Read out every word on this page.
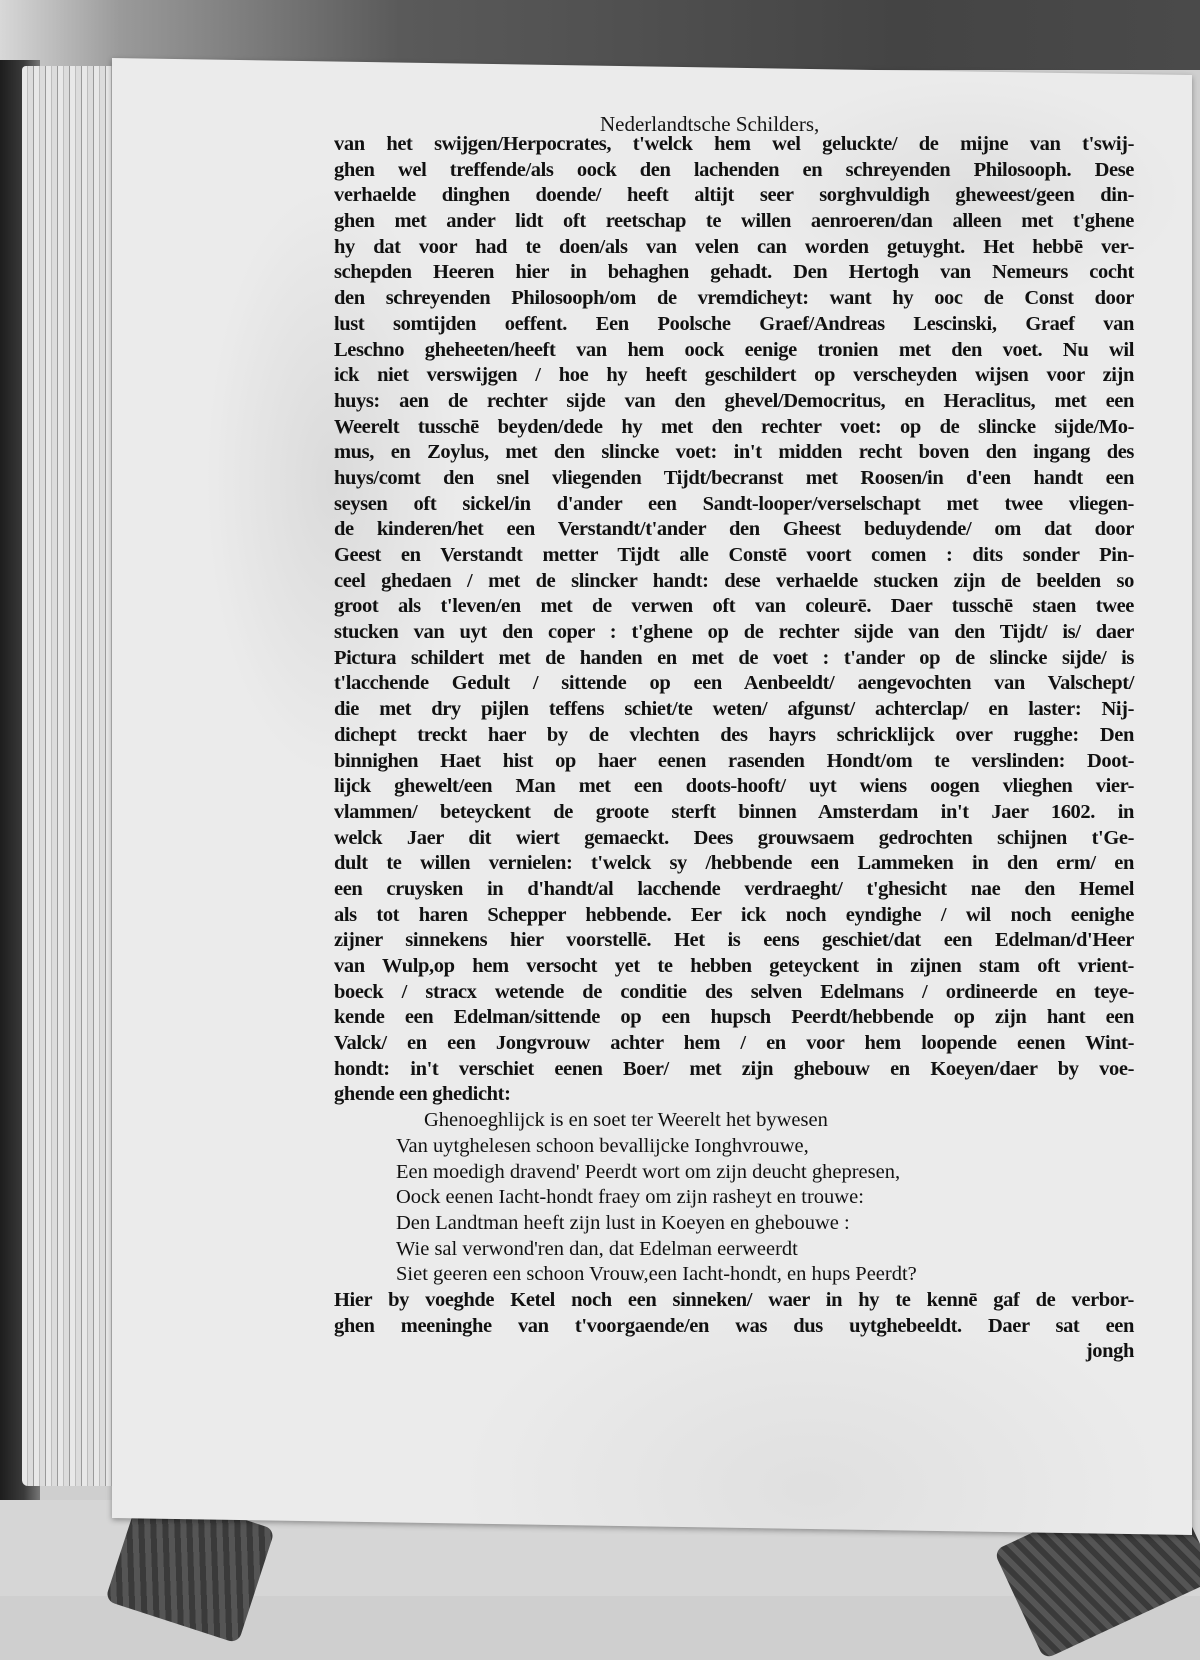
Nederlandtsche Schilders,
van het swijgen/Herpocrates, t'welck hem wel geluckte/ de mijne van t'swij-
ghen wel treffende/als oock den lachenden en schreyenden Philosooph. Dese
verhaelde dinghen doende/ heeft altijt seer sorghvuldigh gheweest/geen din-
ghen met ander lidt oft reetschap te willen aenroeren/dan alleen met t'ghene
hy dat voor had te doen/als van velen can worden getuyght. Het hebbē ver-
schepden Heeren hier in behaghen gehadt. Den Hertogh van Nemeurs cocht
den schreyenden Philosooph/om de vremdicheyt: want hy ooc de Const door
lust somtijden oeffent. Een Poolsche Graef/Andreas Lescinski, Graef van
Leschno gheheeten/heeft van hem oock eenige tronien met den voet. Nu wil
ick niet verswijgen / hoe hy heeft geschildert op verscheyden wijsen voor zijn
huys: aen de rechter sijde van den ghevel/Democritus, en Heraclitus, met een
Weerelt tusschē beyden/dede hy met den rechter voet: op de slincke sijde/Mo-
mus, en Zoylus, met den slincke voet: in't midden recht boven den ingang des
huys/comt den snel vliegenden Tijdt/becranst met Roosen/in d'een handt een
seysen oft sickel/in d'ander een Sandt-looper/verselschapt met twee vliegen-
de kinderen/het een Verstandt/t'ander den Gheest beduydende/ om dat door
Geest en Verstandt metter Tijdt alle Constē voort comen : dits sonder Pin-
ceel ghedaen / met de slincker handt: dese verhaelde stucken zijn de beelden so
groot als t'leven/en met de verwen oft van coleurē. Daer tusschē staen twee
stucken van uyt den coper : t'ghene op de rechter sijde van den Tijdt/ is/ daer
Pictura schildert met de handen en met de voet : t'ander op de slincke sijde/ is
t'lacchende Gedult / sittende op een Aenbeeldt/ aengevochten van Valschept/
die met dry pijlen teffens schiet/te weten/ afgunst/ achterclap/ en laster: Nij-
dichept treckt haer by de vlechten des hayrs schricklijck over rugghe: Den
binnighen Haet hist op haer eenen rasenden Hondt/om te verslinden: Doot-
lijck ghewelt/een Man met een doots-hooft/ uyt wiens oogen vlieghen vier-
vlammen/ beteyckent de groote sterft binnen Amsterdam in't Jaer 1602. in
welck Jaer dit wiert gemaeckt. Dees grouwsaem gedrochten schijnen t'Ge-
dult te willen vernielen: t'welck sy /hebbende een Lammeken in den erm/ en
een cruysken in d'handt/al lacchende verdraeght/ t'ghesicht nae den Hemel
als tot haren Schepper hebbende. Eer ick noch eyndighe / wil noch eenighe
zijner sinnekens hier voorstellē. Het is eens geschiet/dat een Edelman/d'Heer
van Wulp,op hem versocht yet te hebben geteyckent in zijnen stam oft vrient-
boeck / stracx wetende de conditie des selven Edelmans / ordineerde en teye-
kende een Edelman/sittende op een hupsch Peerdt/hebbende op zijn hant een
Valck/ en een Jongvrouw achter hem / en voor hem loopende eenen Wint-
hondt: in't verschiet eenen Boer/ met zijn ghebouw en Koeyen/daer by voe-
ghende een ghedicht:
Ghenoeghlijck is en soet ter Weerelt het bywesen
Van uytghelesen schoon bevallijcke Ionghvrouwe,
Een moedigh dravend' Peerdt wort om zijn deucht ghepresen,
Oock eenen Iacht-hondt fraey om zijn rasheyt en trouwe:
Den Landtman heeft zijn lust in Koeyen en ghebouwe :
Wie sal verwond'ren dan, dat Edelman eerweerdt
Siet geeren een schoon Vrouw,een Iacht-hondt, en hups Peerdt?
Hier by voeghde Ketel noch een sinneken/ waer in hy te kennē gaf de verbor-
ghen meeninghe van t'voorgaende/en was dus uytghebeeldt. Daer sat een
jongh
